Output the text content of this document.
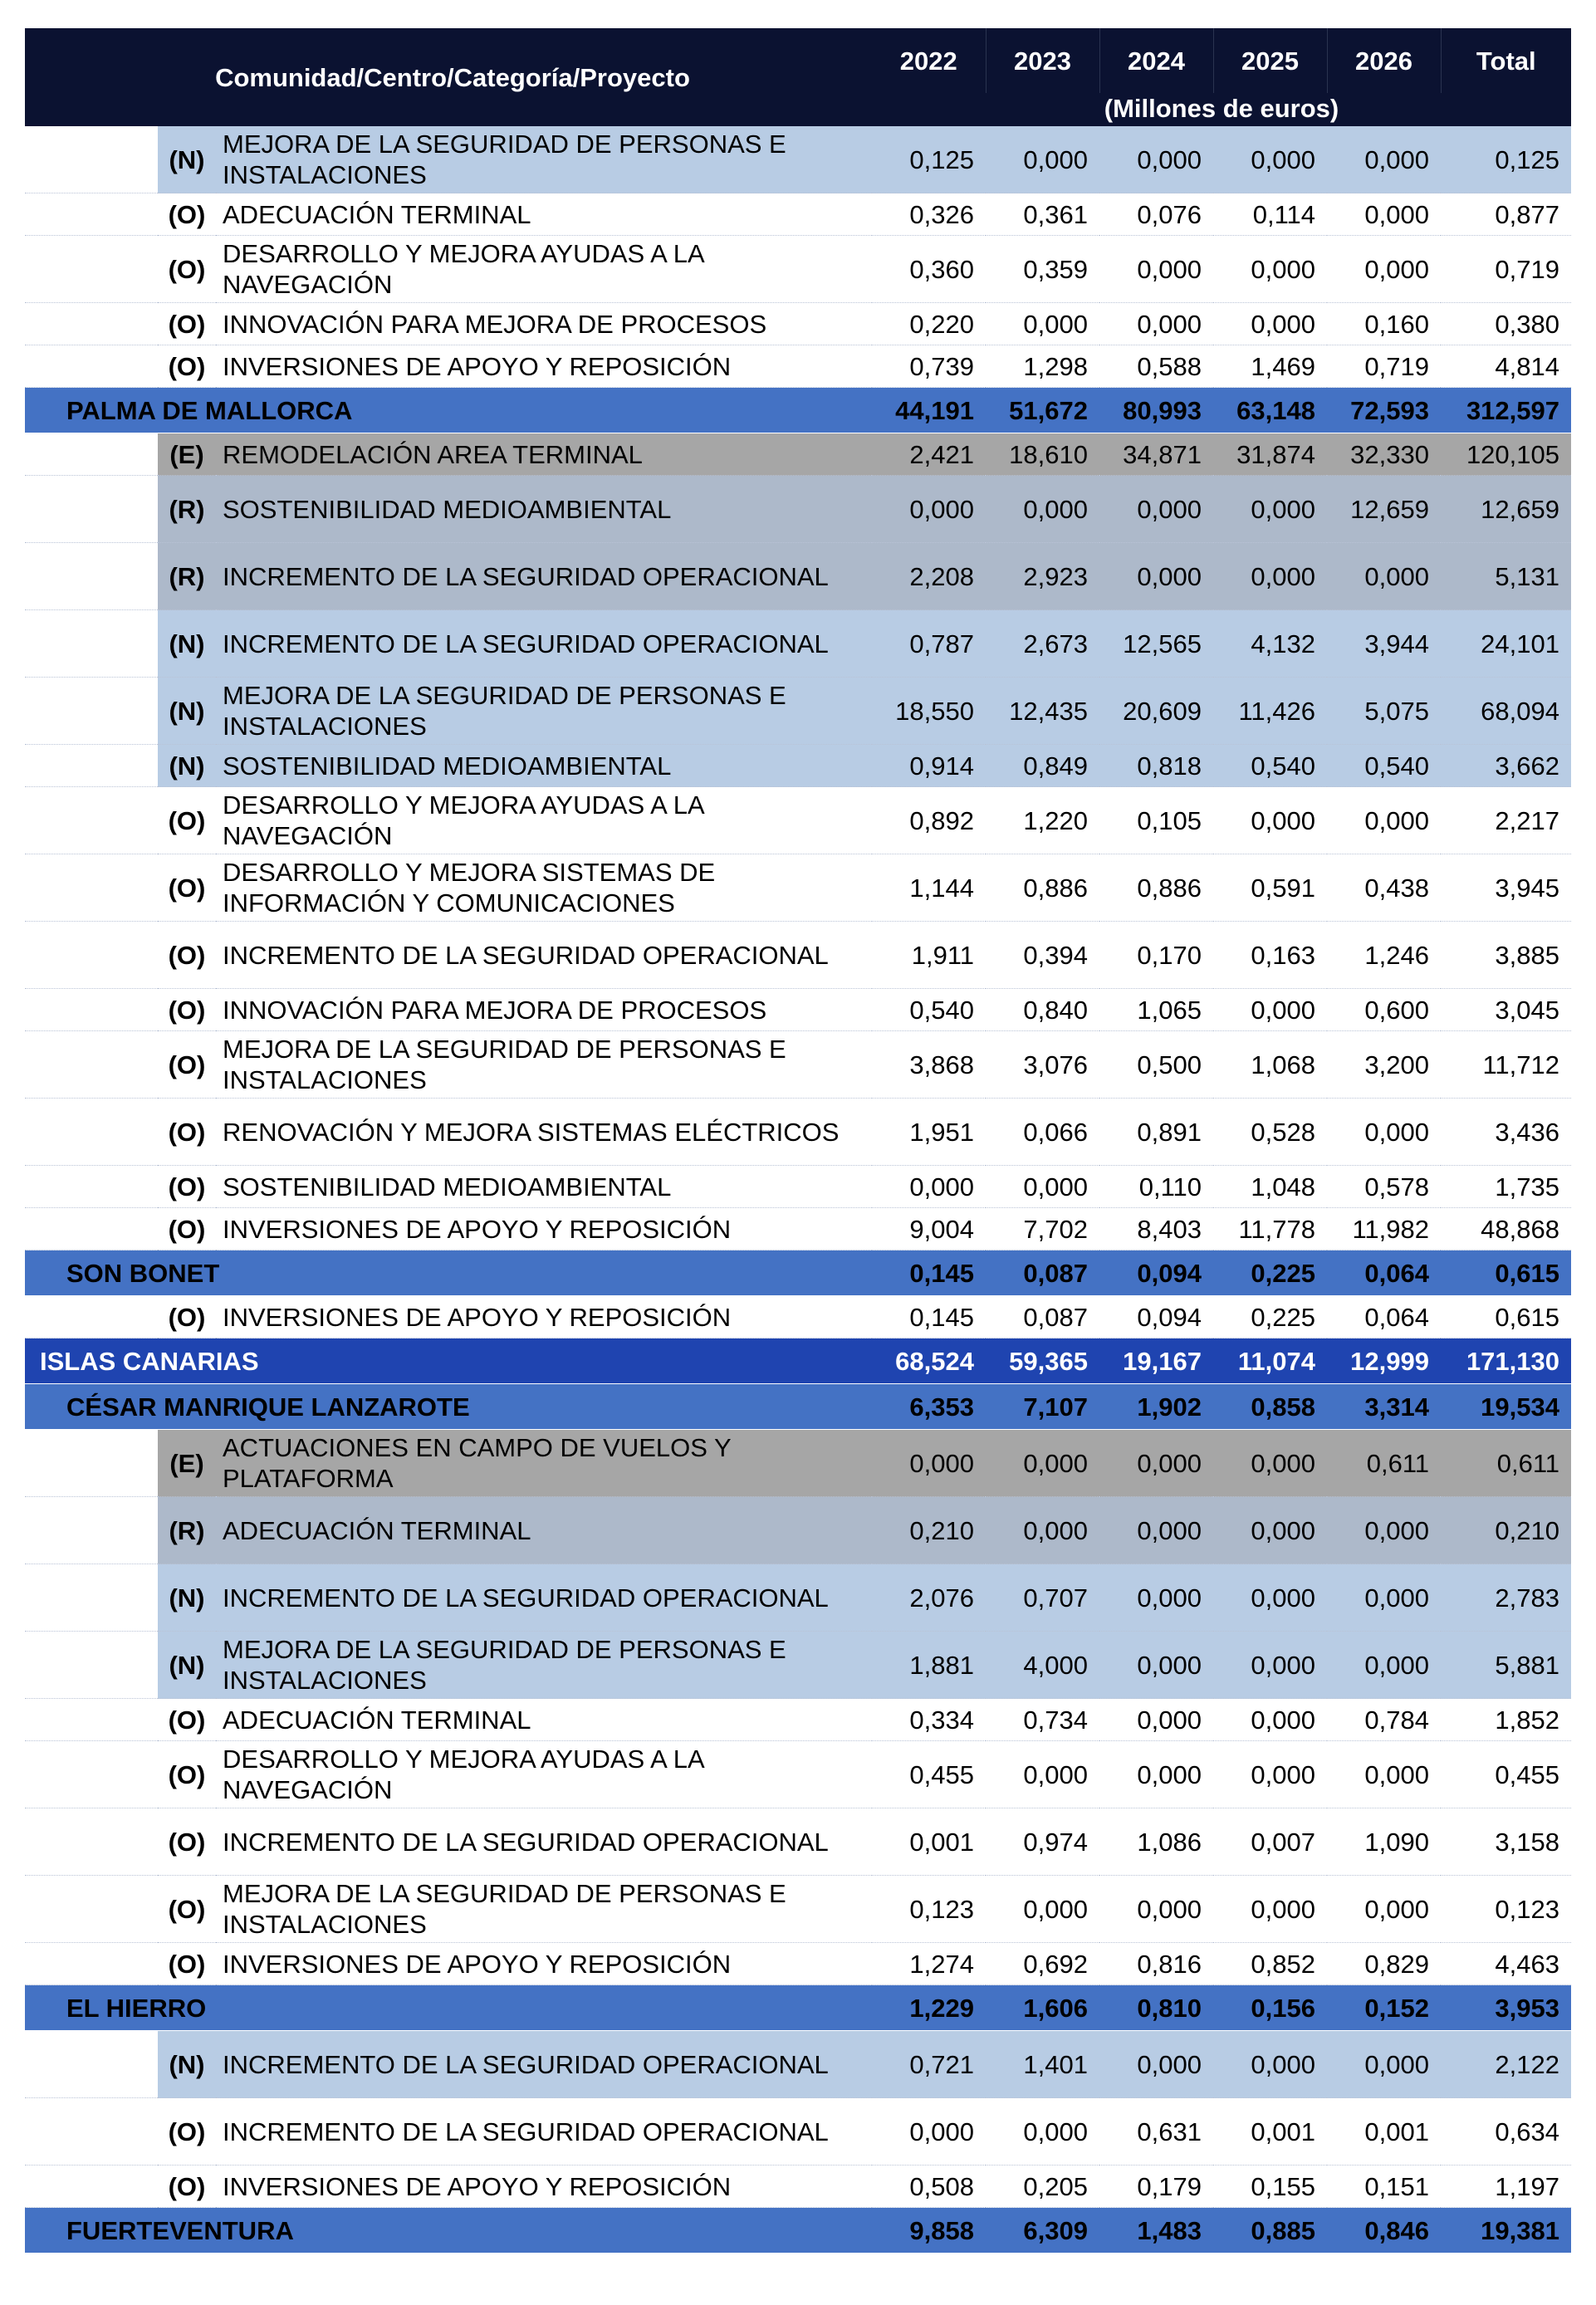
Comunidad/Centro/Categoría/Proyecto			2022	2023	2024	2025	2026	Total
			(Millones de euros)					
	(N)	MEJORA DE LA SEGURIDAD DE PERSONAS E INSTALACIONES	0,125	0,000	0,000	0,000	0,000	0,125
	(O)	ADECUACIÓN TERMINAL	0,326	0,361	0,076	0,114	0,000	0,877
	(O)	DESARROLLO Y MEJORA AYUDAS A LA NAVEGACIÓN	0,360	0,359	0,000	0,000	0,000	0,719
	(O)	INNOVACIÓN PARA MEJORA DE PROCESOS	0,220	0,000	0,000	0,000	0,160	0,380
	(O)	INVERSIONES DE APOYO Y REPOSICIÓN	0,739	1,298	0,588	1,469	0,719	4,814
PALMA DE MALLORCA			44,191	51,672	80,993	63,148	72,593	312,597
	(E)	REMODELACIÓN AREA TERMINAL	2,421	18,610	34,871	31,874	32,330	120,105
	(R)	SOSTENIBILIDAD MEDIOAMBIENTAL	0,000	0,000	0,000	0,000	12,659	12,659
	(R)	INCREMENTO DE LA SEGURIDAD OPERACIONAL	2,208	2,923	0,000	0,000	0,000	5,131
	(N)	INCREMENTO DE LA SEGURIDAD OPERACIONAL	0,787	2,673	12,565	4,132	3,944	24,101
	(N)	MEJORA DE LA SEGURIDAD DE PERSONAS E INSTALACIONES	18,550	12,435	20,609	11,426	5,075	68,094
	(N)	SOSTENIBILIDAD MEDIOAMBIENTAL	0,914	0,849	0,818	0,540	0,540	3,662
	(O)	DESARROLLO Y MEJORA AYUDAS A LA NAVEGACIÓN	0,892	1,220	0,105	0,000	0,000	2,217
	(O)	DESARROLLO Y MEJORA SISTEMAS DE INFORMACIÓN Y COMUNICACIONES	1,144	0,886	0,886	0,591	0,438	3,945
	(O)	INCREMENTO DE LA SEGURIDAD OPERACIONAL	1,911	0,394	0,170	0,163	1,246	3,885
	(O)	INNOVACIÓN PARA MEJORA DE PROCESOS	0,540	0,840	1,065	0,000	0,600	3,045
	(O)	MEJORA DE LA SEGURIDAD DE PERSONAS E INSTALACIONES	3,868	3,076	0,500	1,068	3,200	11,712
	(O)	RENOVACIÓN Y MEJORA SISTEMAS ELÉCTRICOS	1,951	0,066	0,891	0,528	0,000	3,436
	(O)	SOSTENIBILIDAD MEDIOAMBIENTAL	0,000	0,000	0,110	1,048	0,578	1,735
	(O)	INVERSIONES DE APOYO Y REPOSICIÓN	9,004	7,702	8,403	11,778	11,982	48,868
SON BONET			0,145	0,087	0,094	0,225	0,064	0,615
	(O)	INVERSIONES DE APOYO Y REPOSICIÓN	0,145	0,087	0,094	0,225	0,064	0,615
ISLAS CANARIAS			68,524	59,365	19,167	11,074	12,999	171,130
CÉSAR MANRIQUE LANZAROTE			6,353	7,107	1,902	0,858	3,314	19,534
	(E)	ACTUACIONES EN CAMPO DE VUELOS Y PLATAFORMA	0,000	0,000	0,000	0,000	0,611	0,611
	(R)	ADECUACIÓN TERMINAL	0,210	0,000	0,000	0,000	0,000	0,210
	(N)	INCREMENTO DE LA SEGURIDAD OPERACIONAL	2,076	0,707	0,000	0,000	0,000	2,783
	(N)	MEJORA DE LA SEGURIDAD DE PERSONAS E INSTALACIONES	1,881	4,000	0,000	0,000	0,000	5,881
	(O)	ADECUACIÓN TERMINAL	0,334	0,734	0,000	0,000	0,784	1,852
	(O)	DESARROLLO Y MEJORA AYUDAS A LA NAVEGACIÓN	0,455	0,000	0,000	0,000	0,000	0,455
	(O)	INCREMENTO DE LA SEGURIDAD OPERACIONAL	0,001	0,974	1,086	0,007	1,090	3,158
	(O)	MEJORA DE LA SEGURIDAD DE PERSONAS E INSTALACIONES	0,123	0,000	0,000	0,000	0,000	0,123
	(O)	INVERSIONES DE APOYO Y REPOSICIÓN	1,274	0,692	0,816	0,852	0,829	4,463
EL HIERRO			1,229	1,606	0,810	0,156	0,152	3,953
	(N)	INCREMENTO DE LA SEGURIDAD OPERACIONAL	0,721	1,401	0,000	0,000	0,000	2,122
	(O)	INCREMENTO DE LA SEGURIDAD OPERACIONAL	0,000	0,000	0,631	0,001	0,001	0,634
	(O)	INVERSIONES DE APOYO Y REPOSICIÓN	0,508	0,205	0,179	0,155	0,151	1,197
FUERTEVENTURA			9,858	6,309	1,483	0,885	0,846	19,381
